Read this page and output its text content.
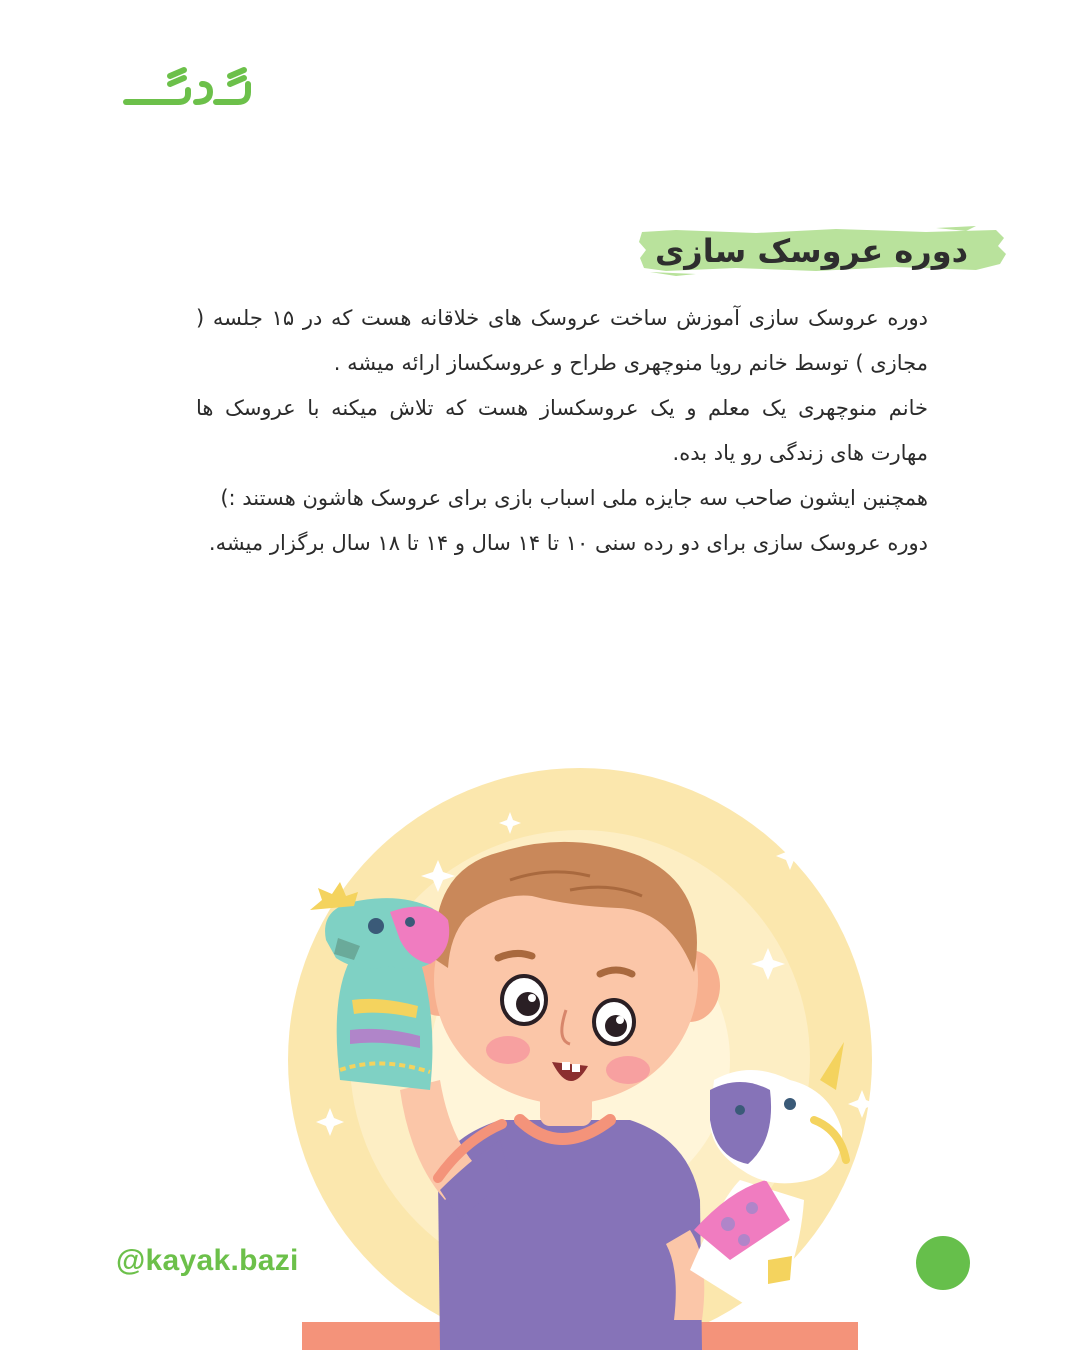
دوره عروسک سازی

دوره عروسک سازی آموزش ساخت عروسک های خلاقانه هست که در ۱۵ جلسه ( مجازی ) توسط خانم رویا منوچهری طراح و عروسکساز ارائه میشه .

خانم منوچهری یک معلم و یک عروسکساز هست که تلاش میکنه با عروسک ها مهارت های زندگی رو یاد بده.

همچنین ایشون صاحب سه جایزه ملی اسباب بازی برای عروسک هاشون هستند :)

دوره عروسک سازی برای دو رده سنی ۱۰ تا ۱۴ سال و ۱۴ تا ۱۸ سال برگزار میشه.

@kayak.bazi
